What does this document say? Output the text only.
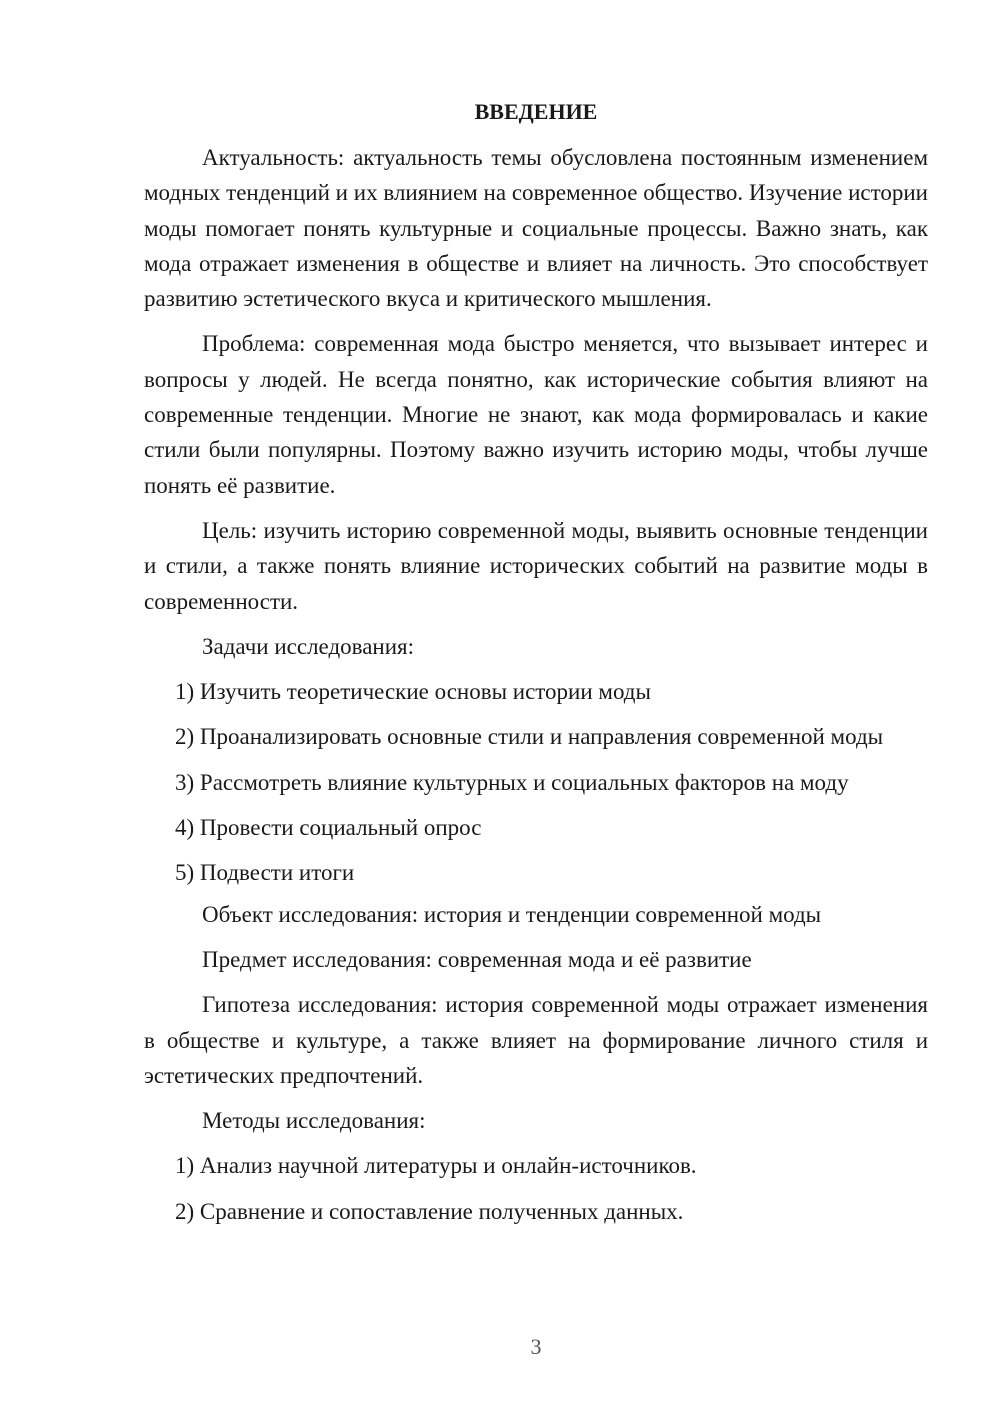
ВВЕДЕНИЕ

Актуальность: актуальность темы обусловлена постоянным изменением модных тенденций и их влиянием на современное общество. Изучение истории моды помогает понять культурные и социальные процессы. Важно знать, как мода отражает изменения в обществе и влияет на личность. Это способствует развитию эстетического вкуса и критического мышления.

Проблема: современная мода быстро меняется, что вызывает интерес и вопросы у людей. Не всегда понятно, как исторические события влияют на современные тенденции. Многие не знают, как мода формировалась и какие стили были популярны. Поэтому важно изучить историю моды, чтобы лучше понять её развитие.

Цель: изучить историю современной моды, выявить основные тенденции и стили, а также понять влияние исторических событий на развитие моды в современности.

Задачи исследования:

1) Изучить теоретические основы истории моды

2) Проанализировать основные стили и направления современной моды

3) Рассмотреть влияние культурных и социальных факторов на моду

4) Провести социальный опрос

5) Подвести итоги

Объект исследования: история и тенденции современной моды

Предмет исследования: современная мода и её развитие

Гипотеза исследования: история современной моды отражает изменения в обществе и культуре, а также влияет на формирование личного стиля и эстетических предпочтений.

Методы исследования:

1) Анализ научной литературы и онлайн-источников.

2) Сравнение и сопоставление полученных данных.

3
